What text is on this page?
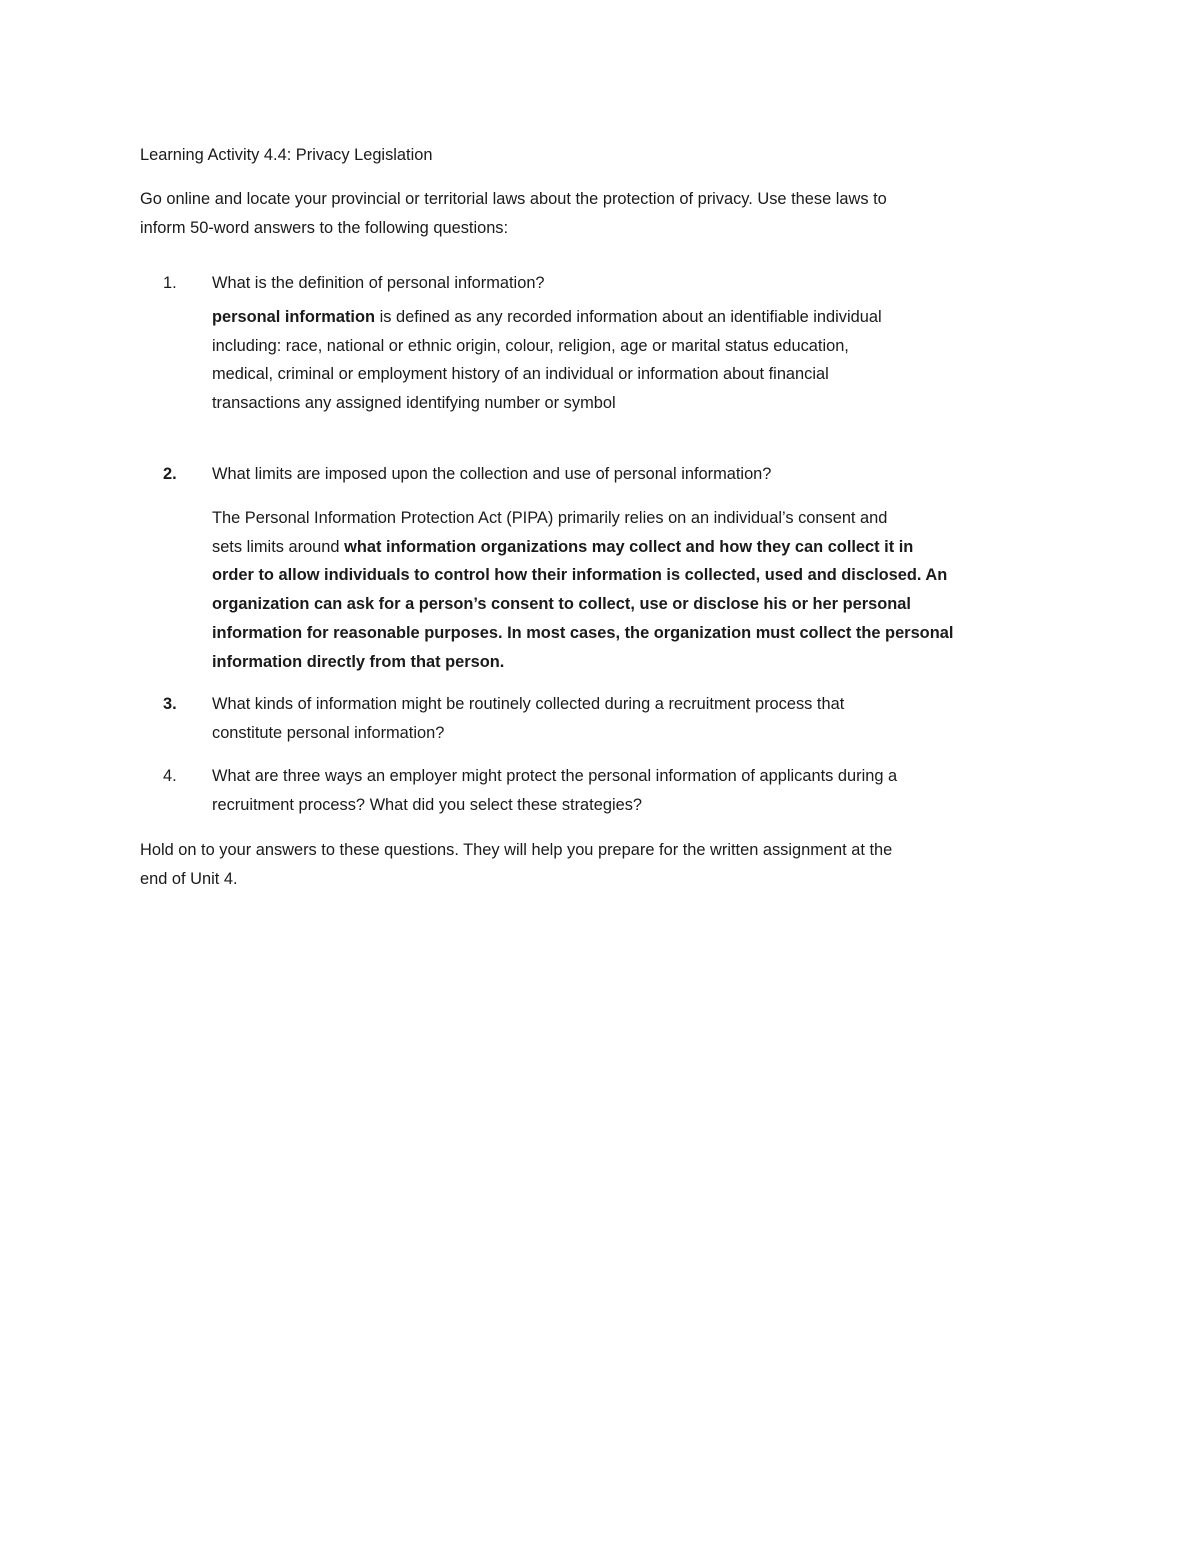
Learning Activity 4.4: Privacy Legislation
Go online and locate your provincial or territorial laws about the protection of privacy. Use these laws to
inform 50-word answers to the following questions:
1. What is the definition of personal information?
personal information is defined as any recorded information about an identifiable individual
including: race, national or ethnic origin, colour, religion, age or marital status education,
medical, criminal or employment history of an individual or information about financial
transactions any assigned identifying number or symbol
2. What limits are imposed upon the collection and use of personal information?
The Personal Information Protection Act (PIPA) primarily relies on an individual’s consent and
sets limits around what information organizations may collect and how they can collect it in
order to allow individuals to control how their information is collected, used and disclosed. An
organization can ask for a person’s consent to collect, use or disclose his or her personal
information for reasonable purposes. In most cases, the organization must collect the personal
information directly from that person.
3. What kinds of information might be routinely collected during a recruitment process that
constitute personal information?
4. What are three ways an employer might protect the personal information of applicants during a
recruitment process? What did you select these strategies?
Hold on to your answers to these questions. They will help you prepare for the written assignment at the
end of Unit 4.
